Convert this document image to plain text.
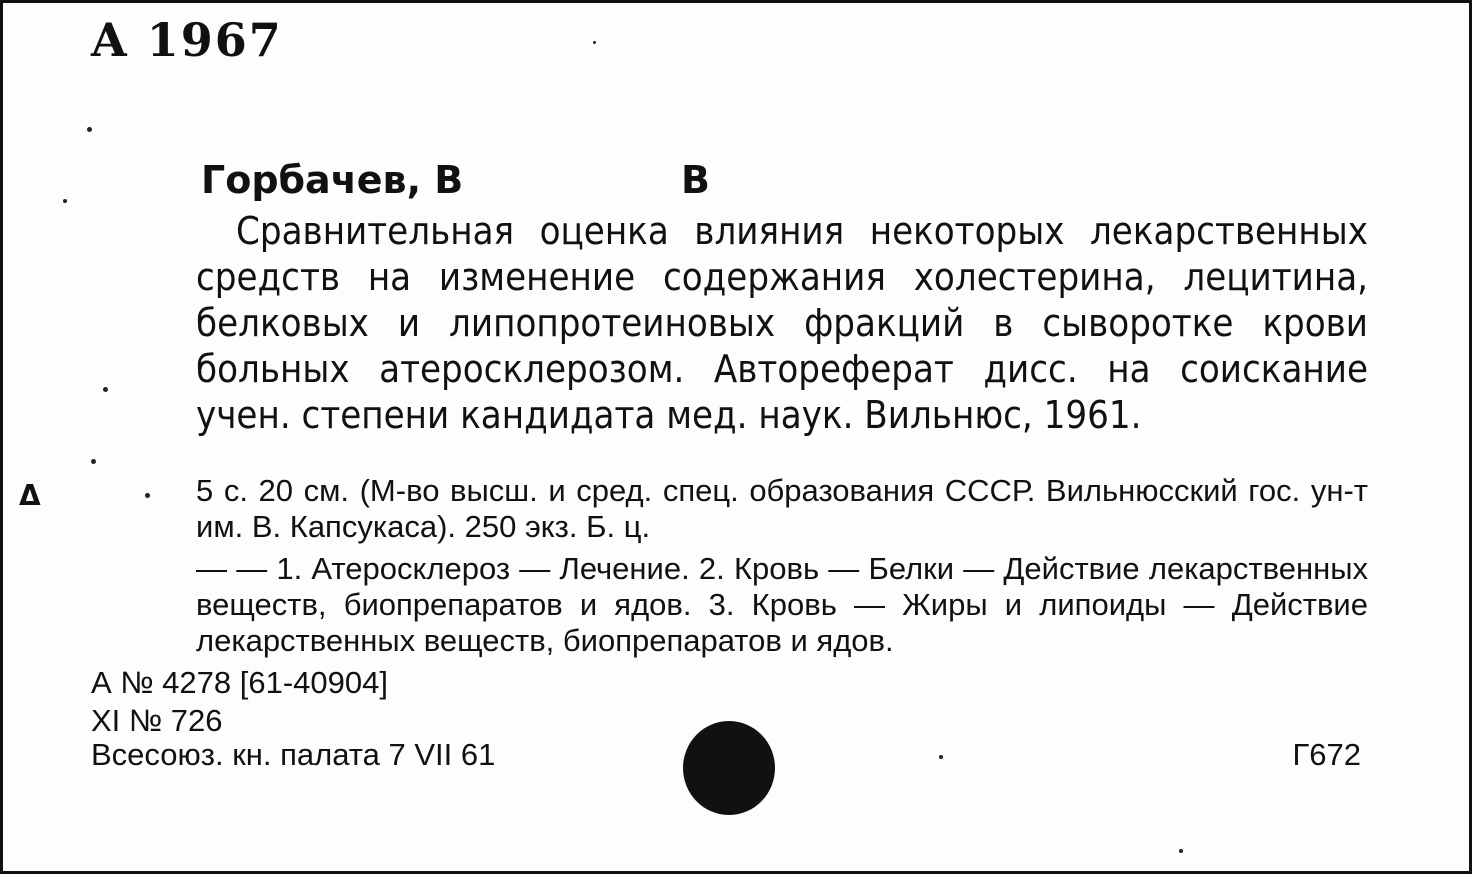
A 1967
Горбачев, В	В
Сравнительная оценка влияния некоторых лекарственных средств на изменение содержания холестерина, лецитина, белковых и липопротеиновых фракций в сыворотке крови больных атеросклерозом. Автореферат дисс. на соискание учен. степени кандидата мед. наук. Вильнюс, 1961.
5 с. 20 см. (М-во высш. и сред. спец. образования СССР. Вильнюсский гос. ун-т им. В. Капсукаса). 250 экз. Б. ц.
— — 1. Атеросклероз — Лечение. 2. Кровь — Белки — Действие лекарственных веществ, биопрепаратов и ядов. 3. Кровь — Жиры и липоиды — Действие лекарственных веществ, биопрепаратов и ядов.
А № 4278 [61-40904]
XI № 726
Всесоюз. кн. палата 7 VII 61	Г672
Δ
